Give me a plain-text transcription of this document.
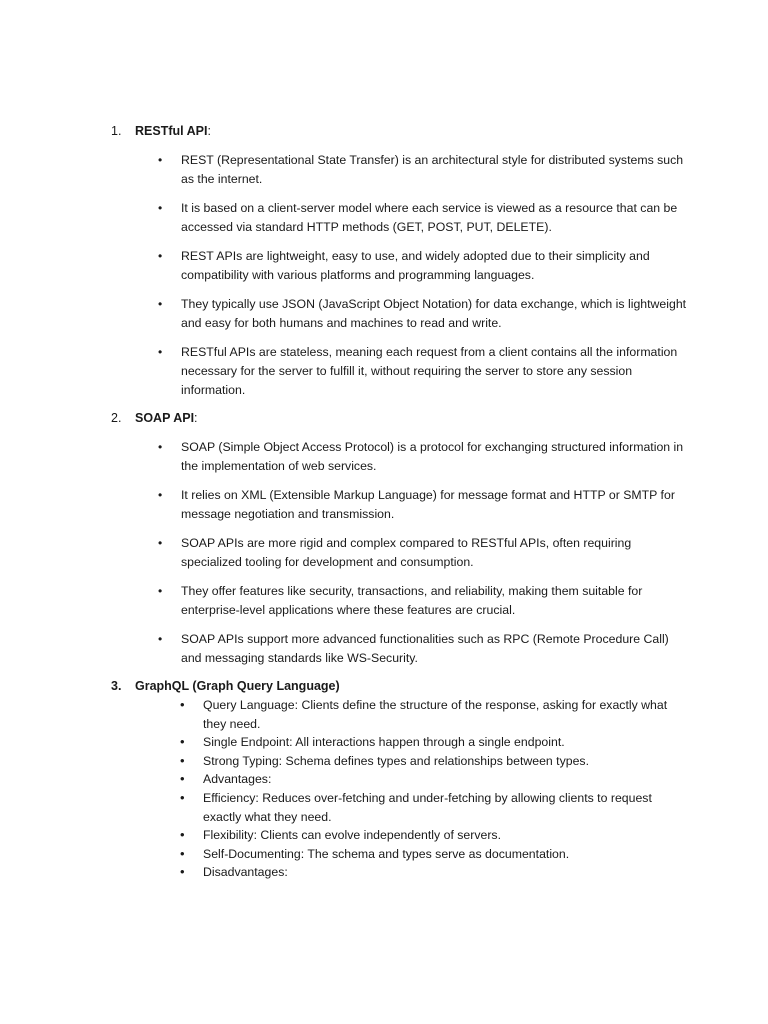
1. RESTful API:
• REST (Representational State Transfer) is an architectural style for distributed systems such as the internet.
• It is based on a client-server model where each service is viewed as a resource that can be accessed via standard HTTP methods (GET, POST, PUT, DELETE).
• REST APIs are lightweight, easy to use, and widely adopted due to their simplicity and compatibility with various platforms and programming languages.
• They typically use JSON (JavaScript Object Notation) for data exchange, which is lightweight and easy for both humans and machines to read and write.
• RESTful APIs are stateless, meaning each request from a client contains all the information necessary for the server to fulfill it, without requiring the server to store any session information.
2. SOAP API:
• SOAP (Simple Object Access Protocol) is a protocol for exchanging structured information in the implementation of web services.
• It relies on XML (Extensible Markup Language) for message format and HTTP or SMTP for message negotiation and transmission.
• SOAP APIs are more rigid and complex compared to RESTful APIs, often requiring specialized tooling for development and consumption.
• They offer features like security, transactions, and reliability, making them suitable for enterprise-level applications where these features are crucial.
• SOAP APIs support more advanced functionalities such as RPC (Remote Procedure Call) and messaging standards like WS-Security.
3. GraphQL (Graph Query Language)
• Query Language: Clients define the structure of the response, asking for exactly what they need.
• Single Endpoint: All interactions happen through a single endpoint.
• Strong Typing: Schema defines types and relationships between types.
• Advantages:
• Efficiency: Reduces over-fetching and under-fetching by allowing clients to request exactly what they need.
• Flexibility: Clients can evolve independently of servers.
• Self-Documenting: The schema and types serve as documentation.
• Disadvantages:
